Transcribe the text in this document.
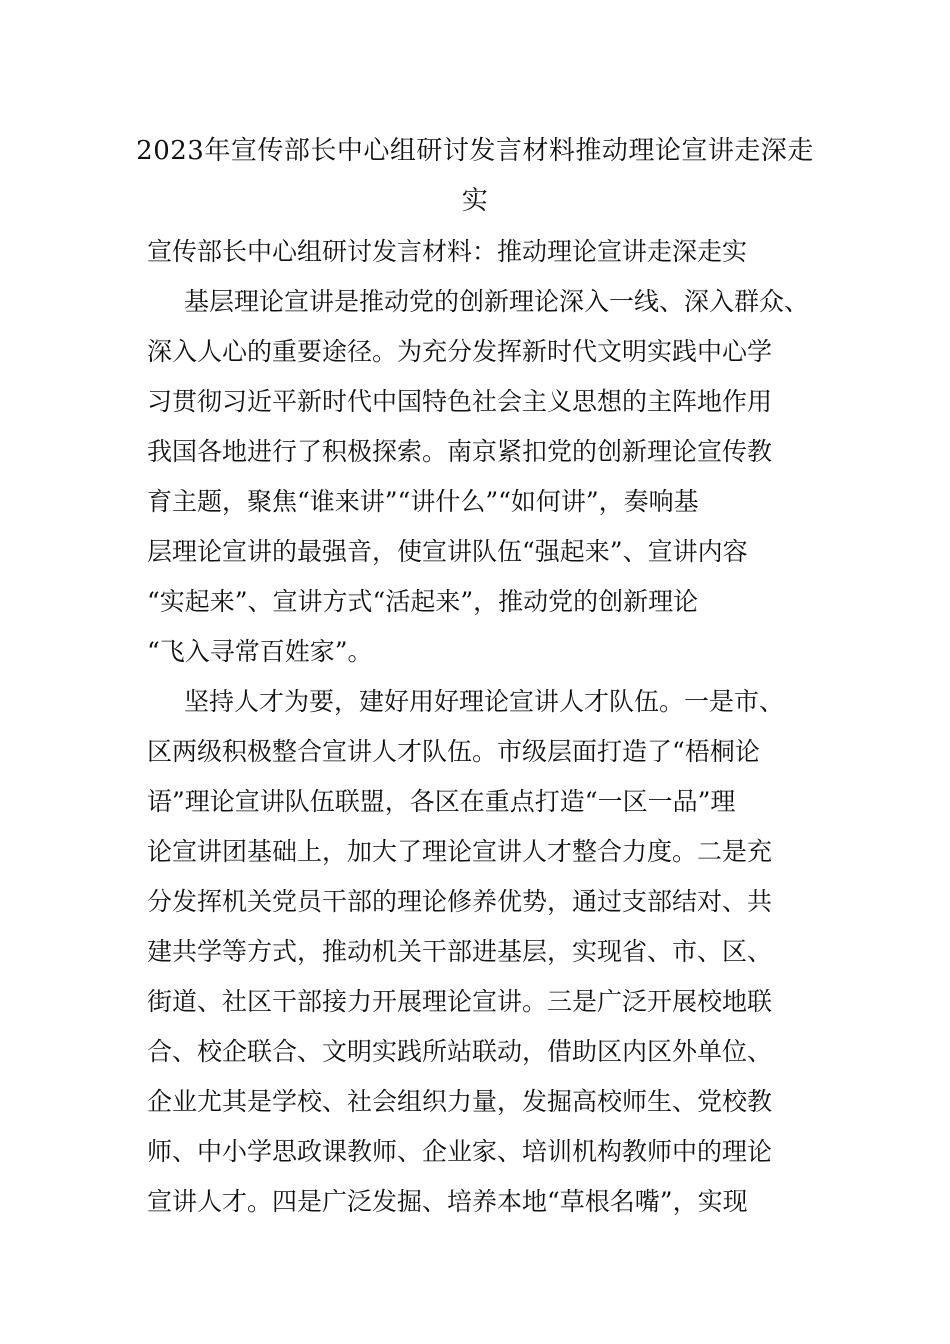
2023年宣传部长中心组研讨发言材料推动理论宣讲走深走
实
宣传部长中心组研讨发言材料：推动理论宣讲走深走实
基层理论宣讲是推动党的创新理论深入一线、深入群众、
深入人心的重要途径。为充分发挥新时代文明实践中心学
习贯彻习近平新时代中国特色社会主义思想的主阵地作用
我国各地进行了积极探索。南京紧扣党的创新理论宣传教
育主题，聚焦“谁来讲”“讲什么”“如何讲”，奏响基
层理论宣讲的最强音，使宣讲队伍“强起来”、宣讲内容
“实起来”、宣讲方式“活起来”，推动党的创新理论
“飞入寻常百姓家”。
坚持人才为要，建好用好理论宣讲人才队伍。一是市、
区两级积极整合宣讲人才队伍。市级层面打造了“梧桐论
语”理论宣讲队伍联盟，各区在重点打造“一区一品”理
论宣讲团基础上，加大了理论宣讲人才整合力度。二是充
分发挥机关党员干部的理论修养优势，通过支部结对、共
建共学等方式，推动机关干部进基层，实现省、市、区、
街道、社区干部接力开展理论宣讲。三是广泛开展校地联
合、校企联合、文明实践所站联动，借助区内区外单位、
企业尤其是学校、社会组织力量，发掘高校师生、党校教
师、中小学思政课教师、企业家、培训机构教师中的理论
宣讲人才。四是广泛发掘、培养本地“草根名嘴”，实现
